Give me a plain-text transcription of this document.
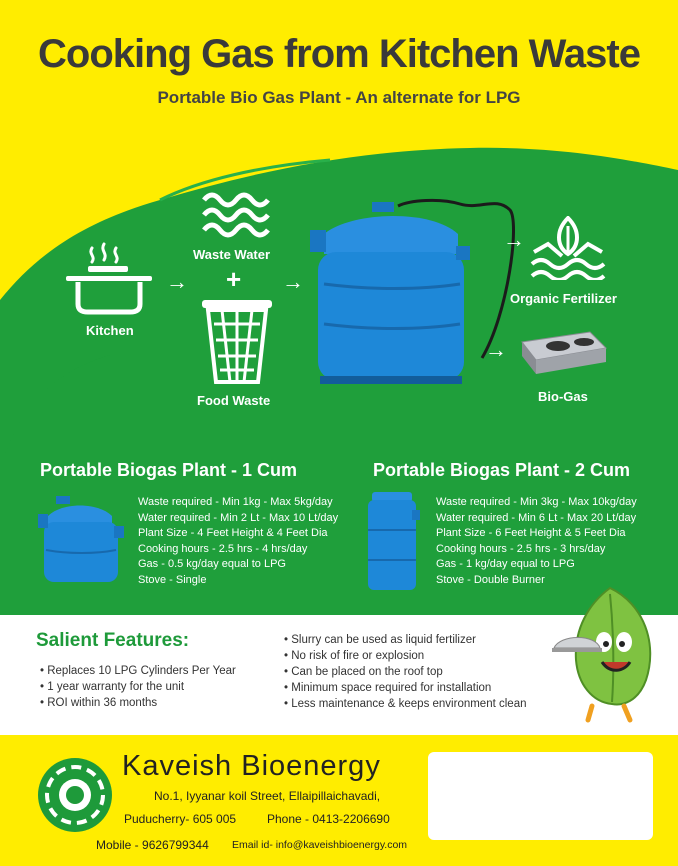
Cooking Gas from Kitchen Waste
Portable Bio Gas Plant - An alternate for LPG
Kitchen
→
Waste Water
+
Food Waste
→
→
Organic Fertilizer
→
Bio-Gas
Portable Biogas Plant - 1 Cum
Waste required - Min 1kg - Max 5kg/day
Water required - Min 2 Lt - Max 10 Lt/day
Plant Size - 4 Feet Height & 4 Feet Dia
Cooking hours - 2.5 hrs - 4 hrs/day
Gas - 0.5 kg/day equal to LPG
Stove - Single
Portable Biogas Plant - 2 Cum
Waste required - Min 3kg - Max 10kg/day
Water required - Min 6 Lt - Max 20 Lt/day
Plant Size - 6 Feet Height & 5 Feet Dia
Cooking hours - 2.5 hrs - 3 hrs/day
Gas - 1 kg/day equal to LPG
Stove - Double Burner
Salient Features:
• Replaces 10 LPG Cylinders Per Year
• 1 year warranty for the unit
• ROI within 36 months
• Slurry can be used as liquid fertilizer
• No risk of fire or explosion
• Can be placed on the roof top
• Minimum space required for installation
• Less maintenance & keeps environment clean
Kaveish Bioenergy
No.1, Iyyanar koil Street, Ellaipillaichavadi,
Puducherry- 605 005	Phone - 0413-2206690
Mobile - 9626799344 Email id- info@kaveishbioenergy.com
